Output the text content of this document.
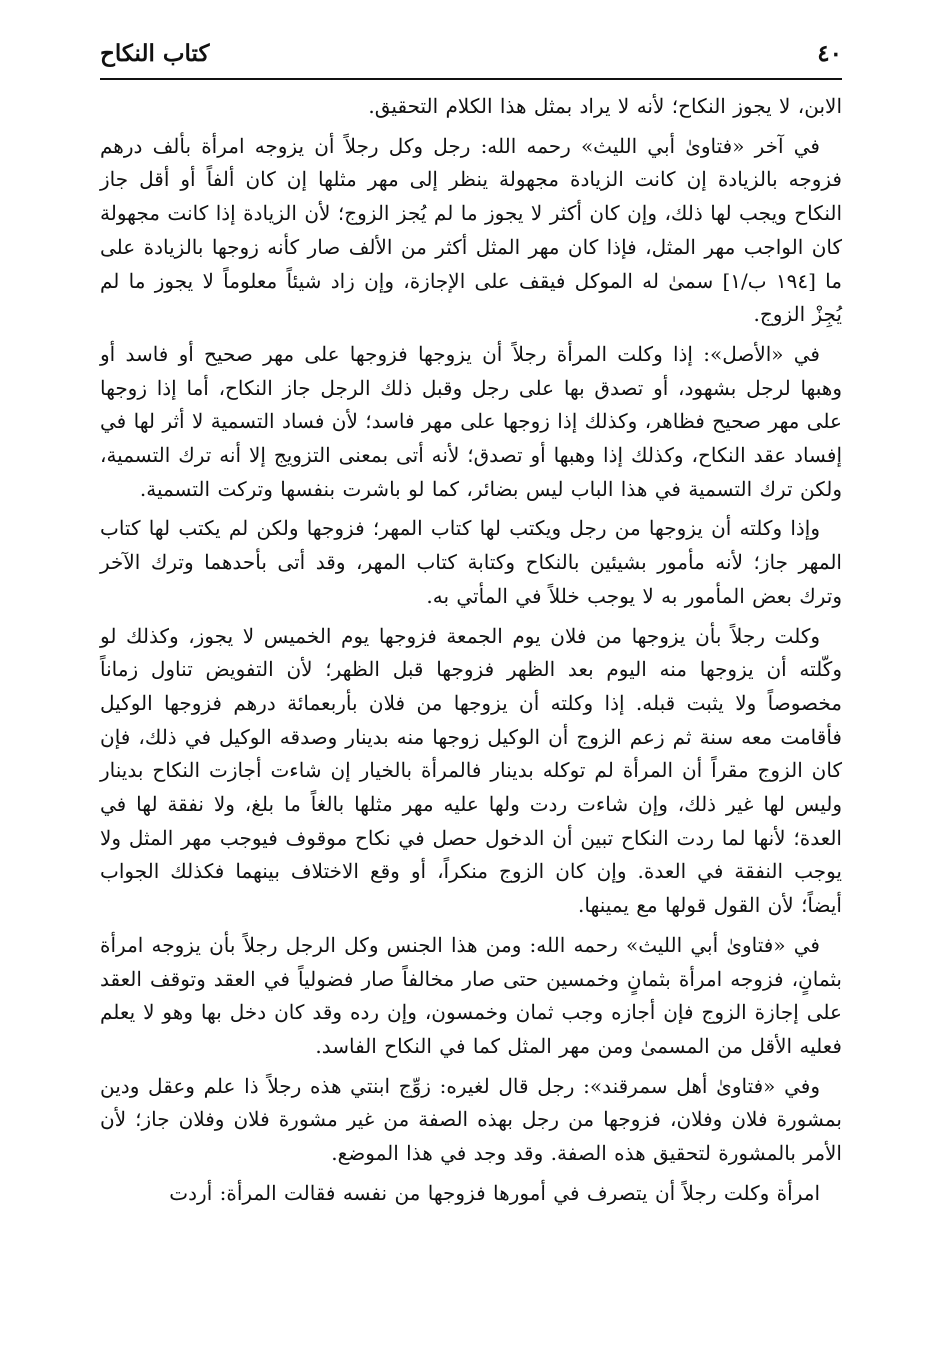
٤٠
كتاب النكاح

الابن، لا يجوز النكاح؛ لأنه لا يراد بمثل هذا الكلام التحقيق.

في آخر «فتاوىٰ أبي الليث» رحمه الله: رجل وكل رجلاً أن يزوجه امرأة بألف درهم فزوجه بالزيادة إن كانت الزيادة مجهولة ينظر إلى مهر مثلها إن كان ألفاً أو أقل جاز النكاح ويجب لها ذلك، وإن كان أكثر لا يجوز ما لم يُجز الزوج؛ لأن الزيادة إذا كانت مجهولة كان الواجب مهر المثل، فإذا كان مهر المثل أكثر من الألف صار كأنه زوجها بالزيادة على ما [١٩٤ ب/١] سمىٰ له الموكل فيقف على الإجازة، وإن زاد شيئاً معلوماً لا يجوز ما لم يُجِزْ الزوج.

في «الأصل»: إذا وكلت المرأة رجلاً أن يزوجها فزوجها على مهر صحيح أو فاسد أو وهبها لرجل بشهود، أو تصدق بها على رجل وقبل ذلك الرجل جاز النكاح، أما إذا زوجها على مهر صحيح فظاهر، وكذلك إذا زوجها على مهر فاسد؛ لأن فساد التسمية لا أثر لها في إفساد عقد النكاح، وكذلك إذا وهبها أو تصدق؛ لأنه أتى بمعنى التزويج إلا أنه ترك التسمية، ولكن ترك التسمية في هذا الباب ليس بضائر، كما لو باشرت بنفسها وتركت التسمية.

وإذا وكلته أن يزوجها من رجل ويكتب لها كتاب المهر؛ فزوجها ولكن لم يكتب لها كتاب المهر جاز؛ لأنه مأمور بشيئين بالنكاح وكتابة كتاب المهر، وقد أتى بأحدهما وترك الآخر وترك بعض المأمور به لا يوجب خللاً في المأتي به.

وكلت رجلاً بأن يزوجها من فلان يوم الجمعة فزوجها يوم الخميس لا يجوز، وكذلك لو وكّلته أن يزوجها منه اليوم بعد الظهر فزوجها قبل الظهر؛ لأن التفويض تناول زماناً مخصوصاً ولا يثبت قبله. إذا وكلته أن يزوجها من فلان بأربعمائة درهم فزوجها الوكيل فأقامت معه سنة ثم زعم الزوج أن الوكيل زوجها منه بدينار وصدقه الوكيل في ذلك، فإن كان الزوج مقراً أن المرأة لم توكله بدينار فالمرأة بالخيار إن شاءت أجازت النكاح بدينار وليس لها غير ذلك، وإن شاءت ردت ولها عليه مهر مثلها بالغاً ما بلغ، ولا نفقة لها في العدة؛ لأنها لما ردت النكاح تبين أن الدخول حصل في نكاح موقوف فيوجب مهر المثل ولا يوجب النفقة في العدة. وإن كان الزوج منكراً، أو وقع الاختلاف بينهما فكذلك الجواب أيضاً؛ لأن القول قولها مع يمينها.

في «فتاوىٰ أبي الليث» رحمه الله: ومن هذا الجنس وكل الرجل رجلاً بأن يزوجه امرأة بثمانٍ، فزوجه امرأة بثمانٍ وخمسين حتى صار مخالفاً صار فضولياً في العقد وتوقف العقد على إجازة الزوج فإن أجازه وجب ثمان وخمسون، وإن رده وقد كان دخل بها وهو لا يعلم فعليه الأقل من المسمىٰ ومن مهر المثل كما في النكاح الفاسد.

وفي «فتاوىٰ أهل سمرقند»: رجل قال لغيره: زوِّج ابنتي هذه رجلاً ذا علم وعقل ودين بمشورة فلان وفلان، فزوجها من رجل بهذه الصفة من غير مشورة فلان وفلان جاز؛ لأن الأمر بالمشورة لتحقيق هذه الصفة. وقد وجد في هذا الموضع.

امرأة وكلت رجلاً أن يتصرف في أمورها فزوجها من نفسه فقالت المرأة: أردت
